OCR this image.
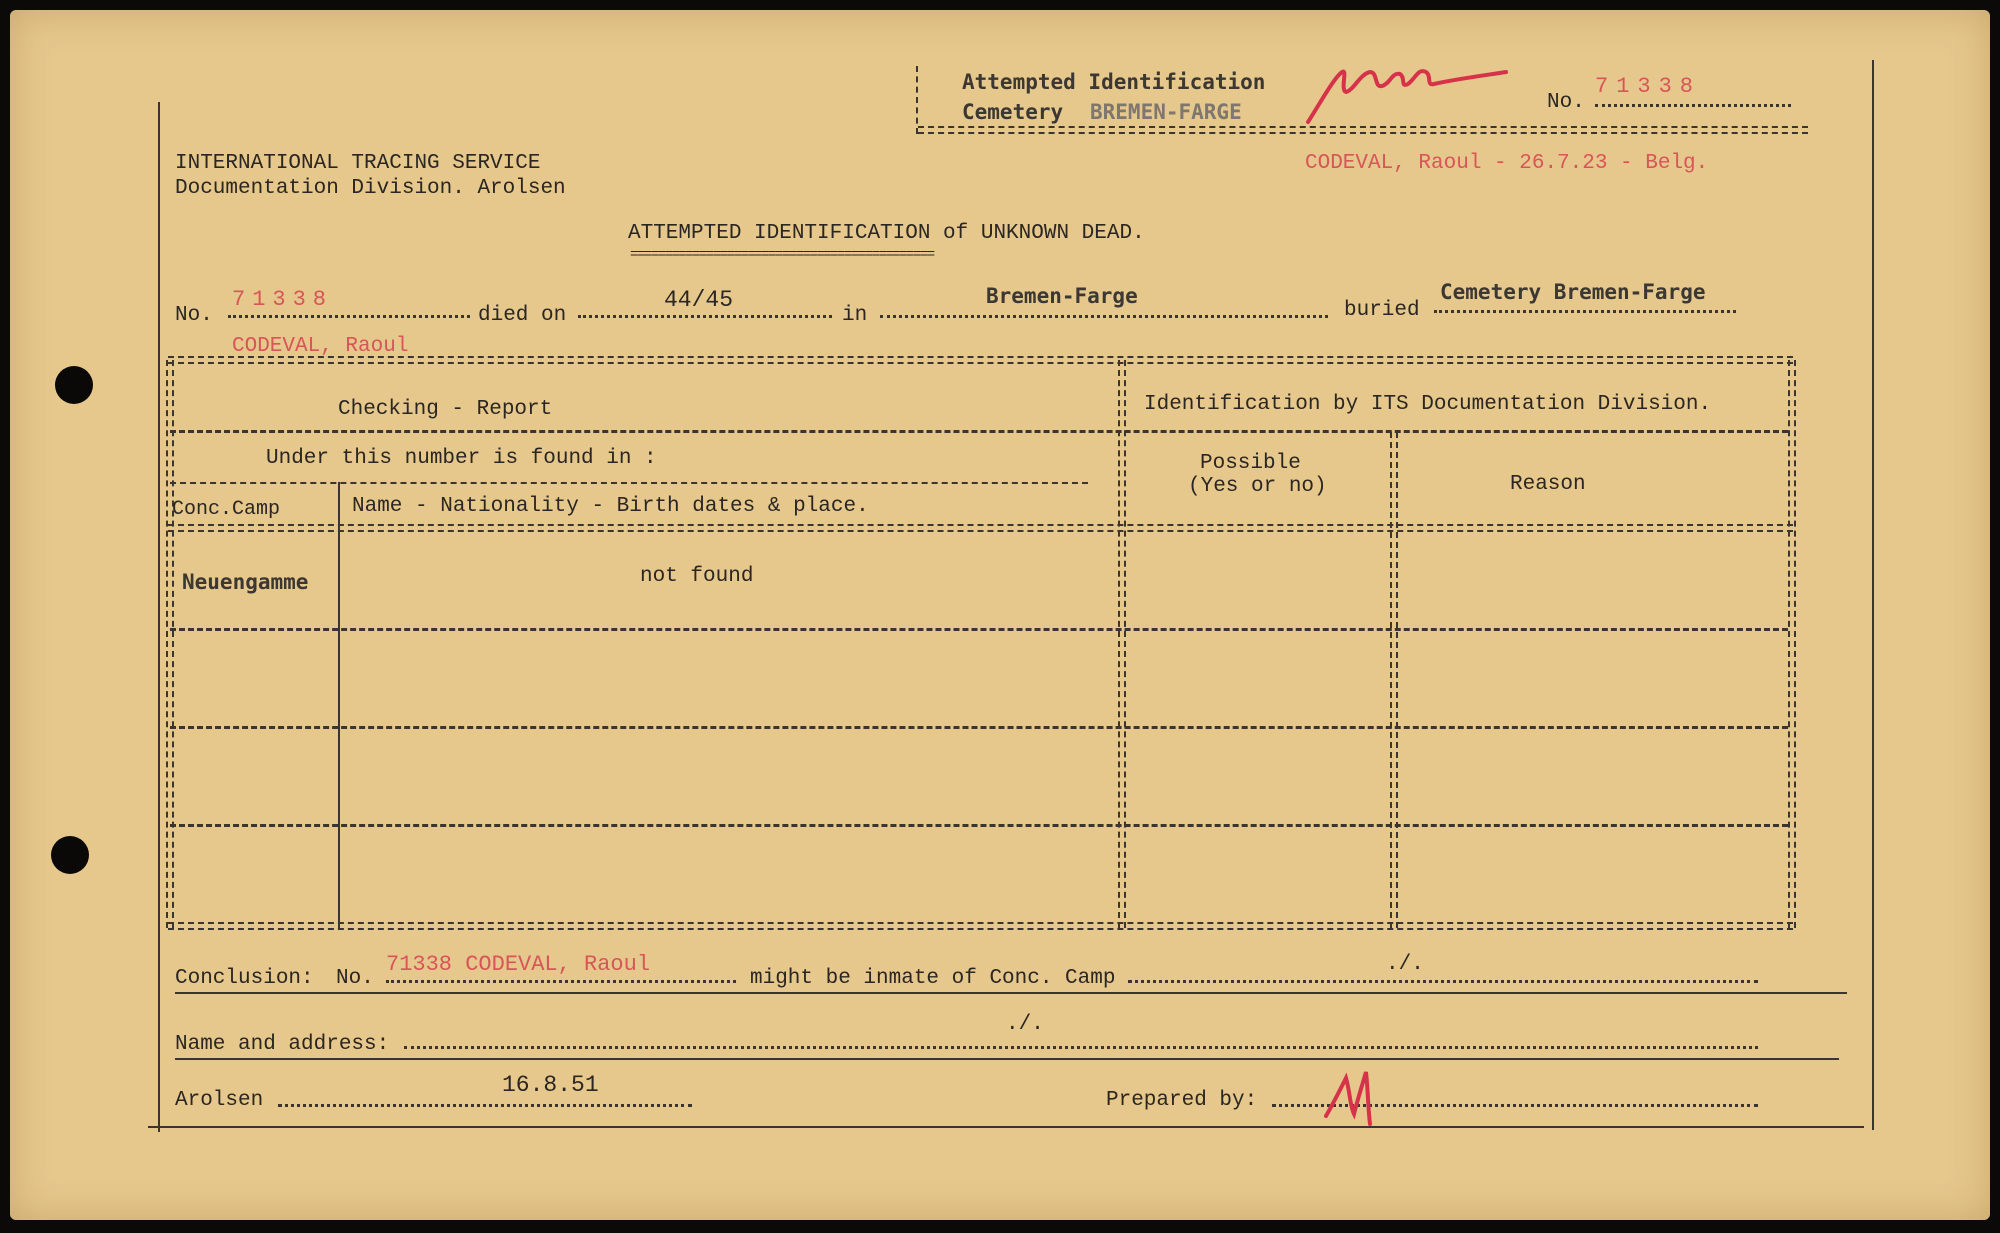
Attempted Identification
Cemetery BREMEN-FARGE	No.
71338
INTERNATIONAL TRACING SERVICE
Documentation Division. Arolsen
CODEVAL, Raoul - 26.7.23 - Belg.
ATTEMPTED IDENTIFICATION of UNKNOWN DEAD.
============================================
No.
71338
died on
44/45
in
Bremen-Farge
buried
Cemetery Bremen-Farge
CODEVAL, Raoul
Checking - Report	Identification by ITS Documentation Division.
Under this number is found in :
Conc.Camp	Name - Nationality - Birth dates & place.
Possible
(Yes or no)	Reason
Neuengamme	not found
Conclusion: No.
71338 CODEVAL, Raoul
might be inmate of Conc. Camp
./.
Name and address:
./.
Arolsen
16.8.51
Prepared by:
